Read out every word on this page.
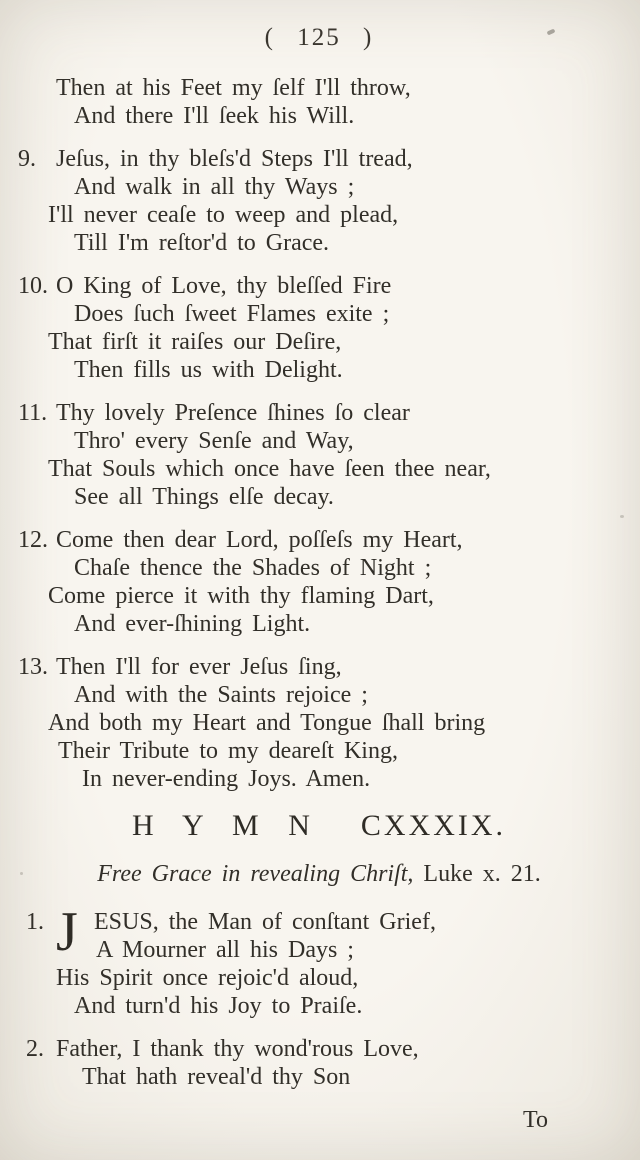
( 125 )
Then at his Feet my ſelf I'll throw,
And there I'll ſeek his Will.
9. Jeſus, in thy bleſs'd Steps I'll tread,
And walk in all thy Ways ;
I'll never ceaſe to weep and plead,
Till I'm reſtor'd to Grace.
10. O King of Love, thy bleſſed Fire
Does ſuch ſweet Flames exite ;
That firſt it raiſes our Deſire,
Then fills us with Delight.
11. Thy lovely Preſence ſhines ſo clear
Thro' every Senſe and Way,
That Souls which once have ſeen thee near,
See all Things elſe decay.
12. Come then dear Lord, poſſeſs my Heart,
Chaſe thence the Shades of Night ;
Come pierce it with thy flaming Dart,
And ever-ſhining Light.
13. Then I'll for ever Jeſus ſing,
And with the Saints rejoice ;
And both my Heart and Tongue ſhall bring
Their Tribute to my deareſt King,
In never-ending Joys. Amen.
H Y M N CXXXIX.
Free Grace in revealing Chriſt, Luke x. 21.
1. J ESUS, the Man of conſtant Grief,
A Mourner all his Days ;
His Spirit once rejoic'd aloud,
And turn'd his Joy to Praiſe.
2. Father, I thank thy wond'rous Love,
That hath reveal'd thy Son
To
